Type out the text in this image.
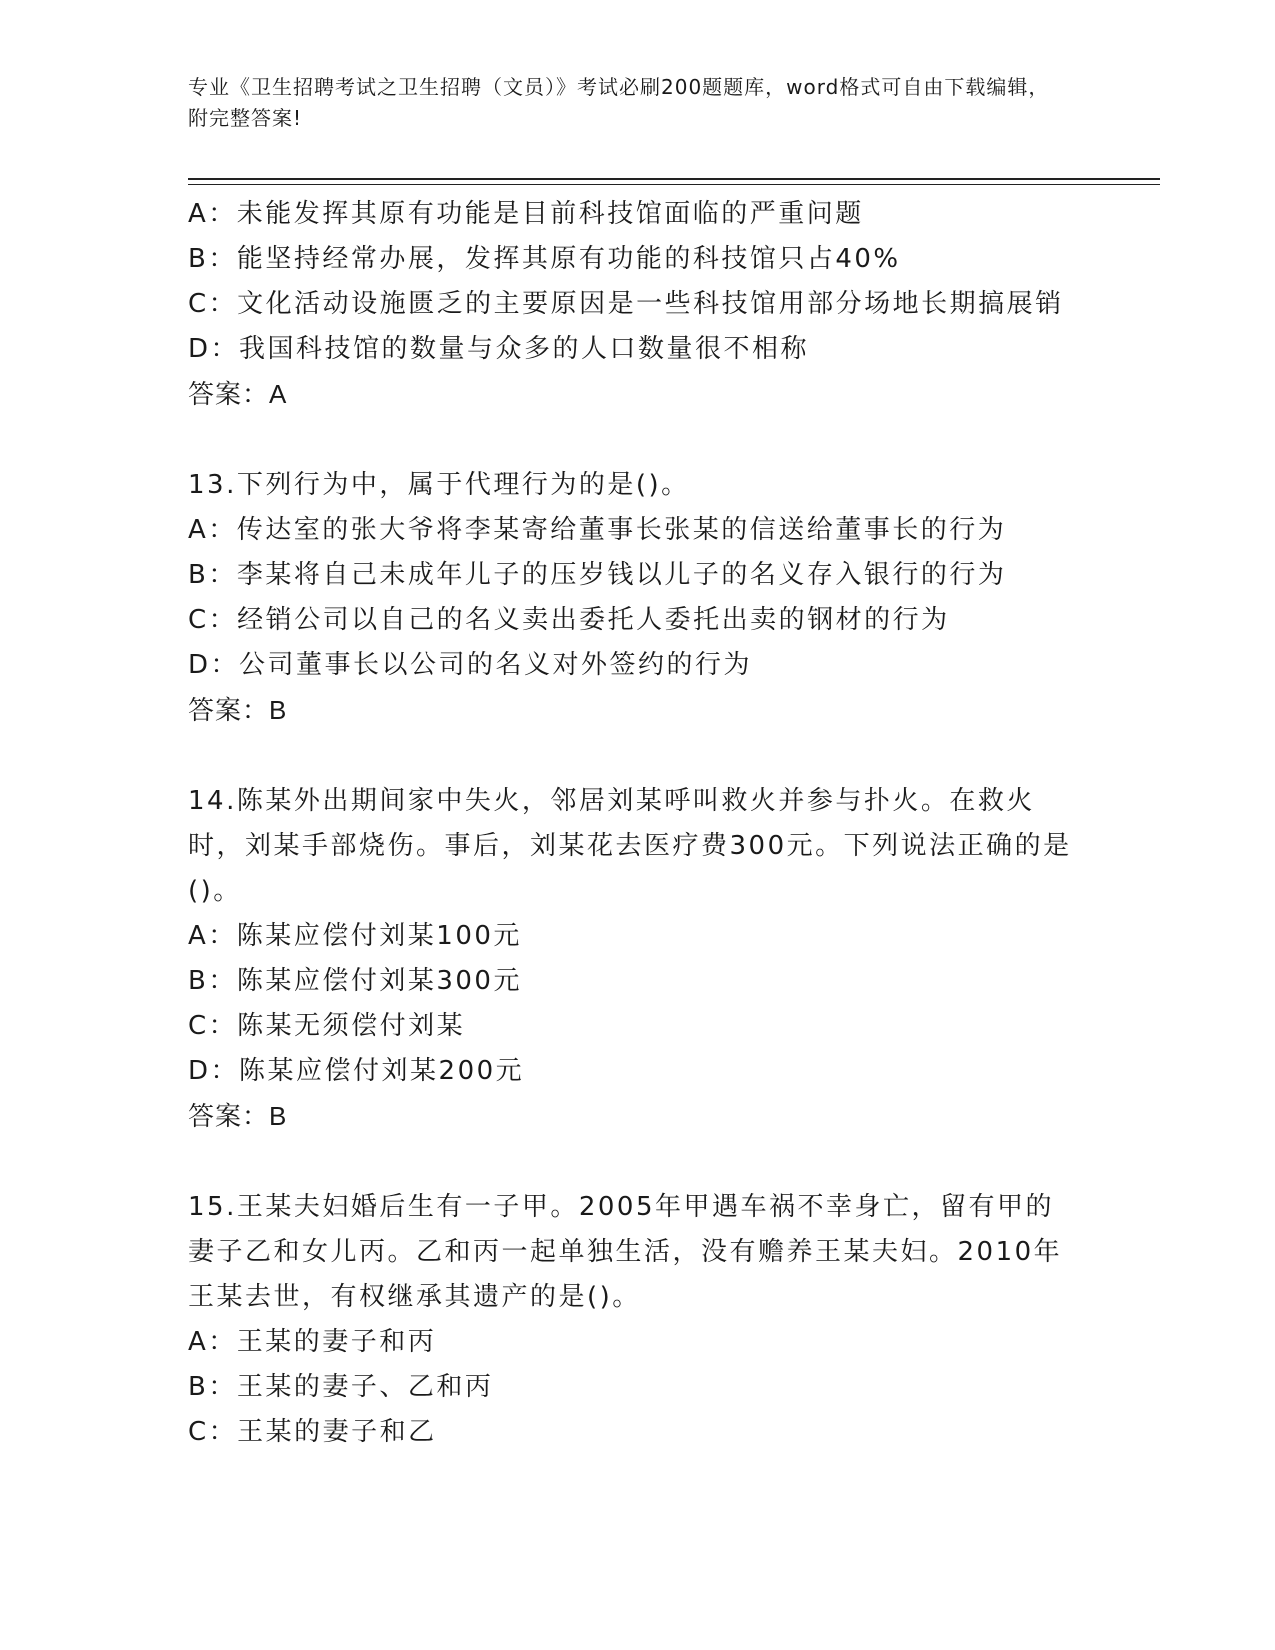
专业《卫生招聘考试之卫生招聘（文员）》考试必刷200题题库，word格式可自由下载编辑，附完整答案!
A：未能发挥其原有功能是目前科技馆面临的严重问题
B：能坚持经常办展，发挥其原有功能的科技馆只占40%
C：文化活动设施匮乏的主要原因是一些科技馆用部分场地长期搞展销
D：我国科技馆的数量与众多的人口数量很不相称
答案：A
13.下列行为中，属于代理行为的是()。
A：传达室的张大爷将李某寄给董事长张某的信送给董事长的行为
B：李某将自己未成年儿子的压岁钱以儿子的名义存入银行的行为
C：经销公司以自己的名义卖出委托人委托出卖的钢材的行为
D：公司董事长以公司的名义对外签约的行为
答案：B
14.陈某外出期间家中失火，邻居刘某呼叫救火并参与扑火。在救火时，刘某手部烧伤。事后，刘某花去医疗费300元。下列说法正确的是()。
A：陈某应偿付刘某100元
B：陈某应偿付刘某300元
C：陈某无须偿付刘某
D：陈某应偿付刘某200元
答案：B
15.王某夫妇婚后生有一子甲。2005年甲遇车祸不幸身亡，留有甲的妻子乙和女儿丙。乙和丙一起单独生活，没有赡养王某夫妇。2010年王某去世，有权继承其遗产的是()。
A：王某的妻子和丙
B：王某的妻子、乙和丙
C：王某的妻子和乙
